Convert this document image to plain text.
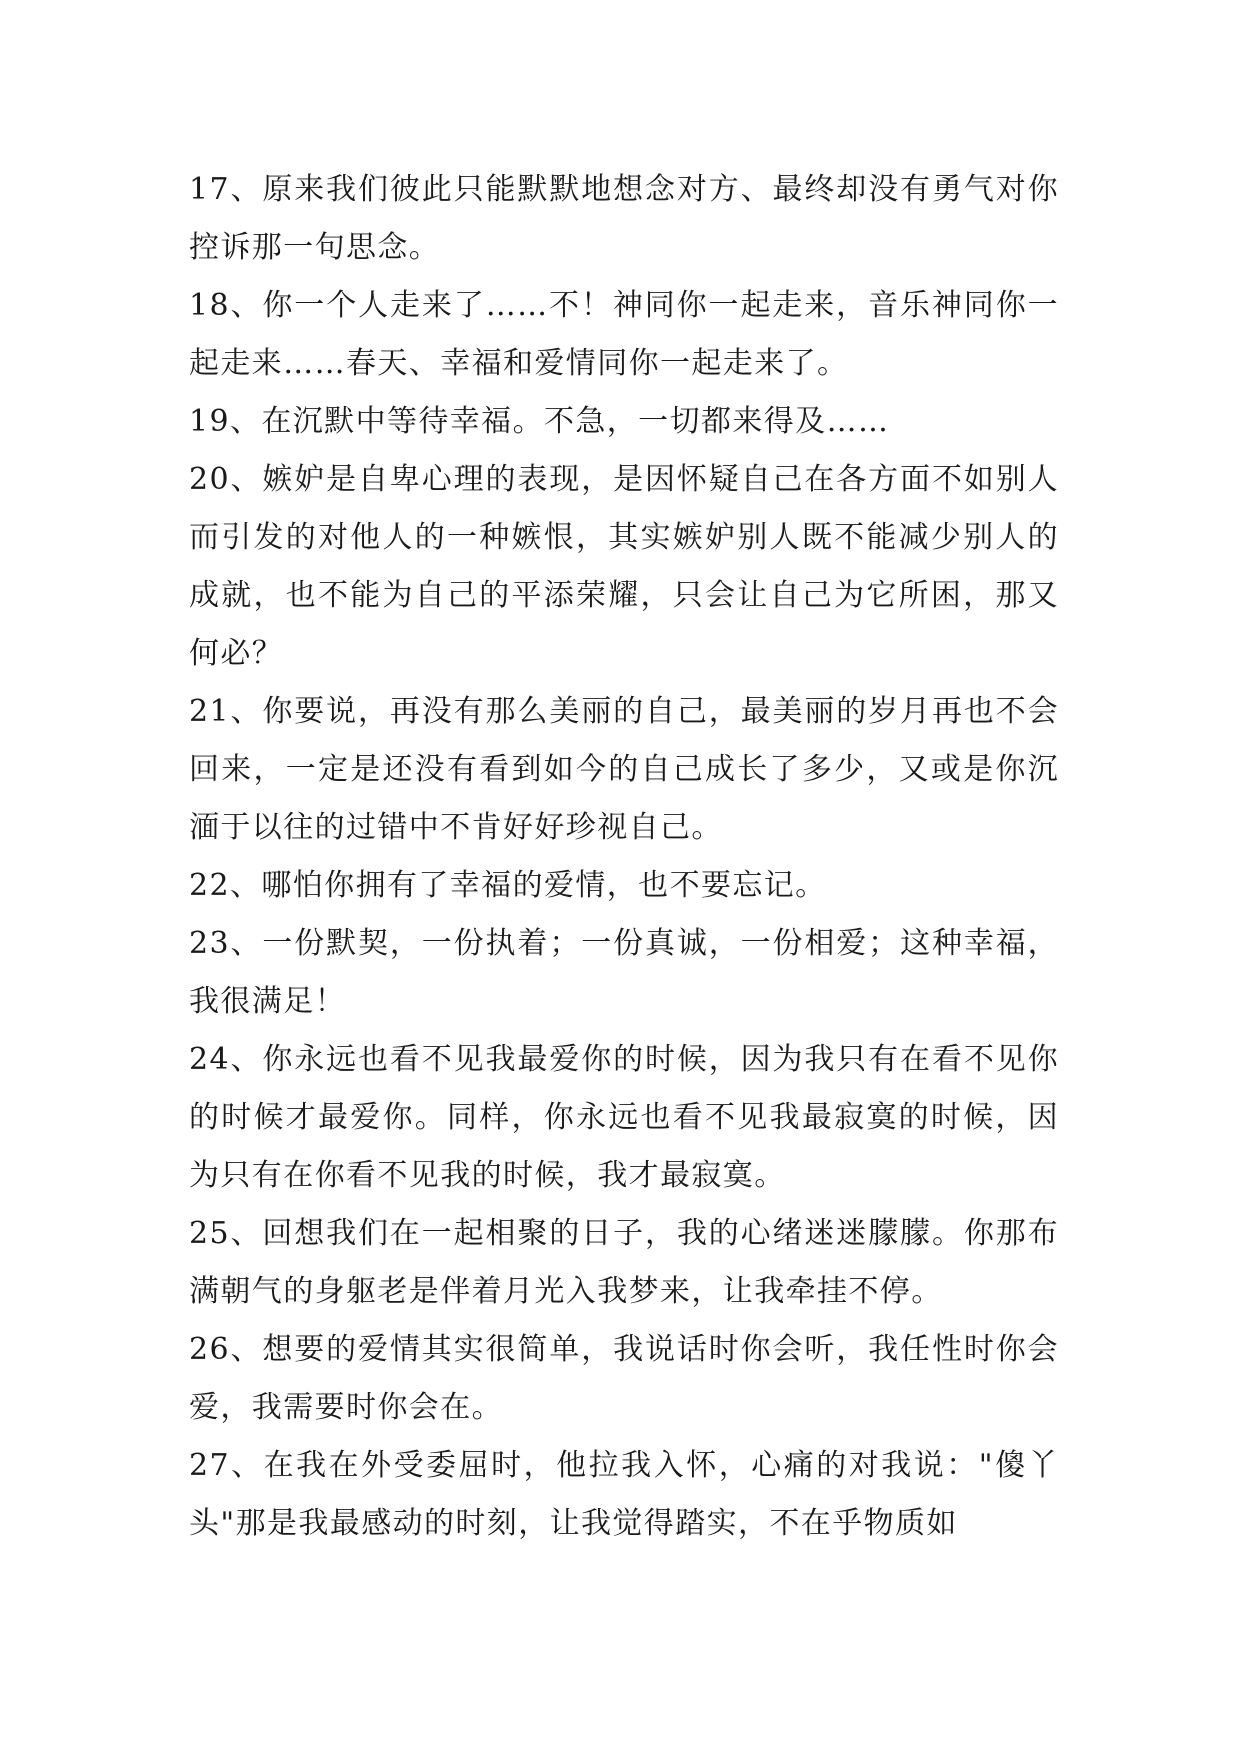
17、原来我们彼此只能默默地想念对方、最终却没有勇气对你控诉那一句思念。

18、你一个人走来了……不！神同你一起走来，音乐神同你一起走来……春天、幸福和爱情同你一起走来了。

19、在沉默中等待幸福。不急，一切都来得及……

20、嫉妒是自卑心理的表现，是因怀疑自己在各方面不如别人而引发的对他人的一种嫉恨，其实嫉妒别人既不能减少别人的成就，也不能为自己的平添荣耀，只会让自己为它所困，那又何必？

21、你要说，再没有那么美丽的自己，最美丽的岁月再也不会回来，一定是还没有看到如今的自己成长了多少，又或是你沉湎于以往的过错中不肯好好珍视自己。

22、哪怕你拥有了幸福的爱情，也不要忘记。

23、一份默契，一份执着；一份真诚，一份相爱；这种幸福，我很满足！

24、你永远也看不见我最爱你的时候，因为我只有在看不见你的时候才最爱你。同样，你永远也看不见我最寂寞的时候，因为只有在你看不见我的时候，我才最寂寞。

25、回想我们在一起相聚的日子，我的心绪迷迷朦朦。你那布满朝气的身躯老是伴着月光入我梦来，让我牵挂不停。

26、想要的爱情其实很简单，我说话时你会听，我任性时你会爱，我需要时你会在。

27、在我在外受委屈时，他拉我入怀，心痛的对我说："傻丫头"那是我最感动的时刻，让我觉得踏实，不在乎物质如
